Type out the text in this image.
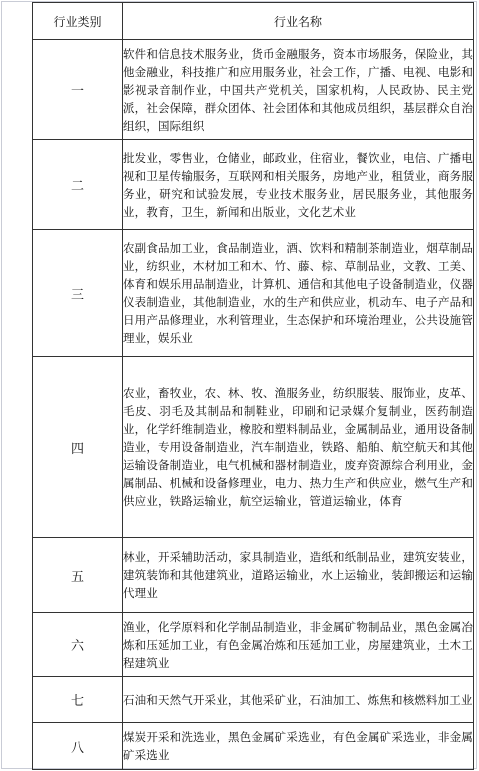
行业类别	行业名称
一	软件和信息技术服务业，货币金融服务，资本市场服务，保险业，其他金融业，科技推广和应用服务业，社会工作，广播、电视、电影和影视录音制作业，中国共产党机关，国家机构，人民政协、民主党派，社会保障，群众团体、社会团体和其他成员组织，基层群众自治组织，国际组织
二	批发业，零售业，仓储业，邮政业，住宿业，餐饮业，电信、广播电视和卫星传输服务，互联网和相关服务，房地产业，租赁业，商务服务业，研究和试验发展，专业技术服务业，居民服务业，其他服务业，教育，卫生，新闻和出版业，文化艺术业
三	农副食品加工业，食品制造业，酒、饮料和精制茶制造业，烟草制品业，纺织业，木材加工和木、竹、藤、棕、草制品业，文教、工美、体育和娱乐用品制造业，计算机、通信和其他电子设备制造业，仪器仪表制造业，其他制造业，水的生产和供应业，机动车、电子产品和日用产品修理业，水利管理业，生态保护和环境治理业，公共设施管理业，娱乐业
四	农业，畜牧业，农、林、牧、渔服务业，纺织服装、服饰业，皮革、毛皮、羽毛及其制品和制鞋业，印刷和记录媒介复制业，医药制造业，化学纤维制造业，橡胶和塑料制品业，金属制品业，通用设备制造业，专用设备制造业，汽车制造业，铁路、船舶、航空航天和其他运输设备制造业，电气机械和器材制造业，废弃资源综合利用业，金属制品、机械和设备修理业，电力、热力生产和供应业，燃气生产和供应业，铁路运输业，航空运输业，管道运输业，体育
五	林业，开采辅助活动，家具制造业，造纸和纸制品业，建筑安装业，建筑装饰和其他建筑业，道路运输业，水上运输业，装卸搬运和运输代理业
六	渔业，化学原料和化学制品制造业，非金属矿物制品业，黑色金属冶炼和压延加工业，有色金属冶炼和压延加工业，房屋建筑业，土木工程建筑业
七	石油和天然气开采业，其他采矿业，石油加工、炼焦和核燃料加工业
八	煤炭开采和洗选业，黑色金属矿采选业，有色金属矿采选业，非金属矿采选业
